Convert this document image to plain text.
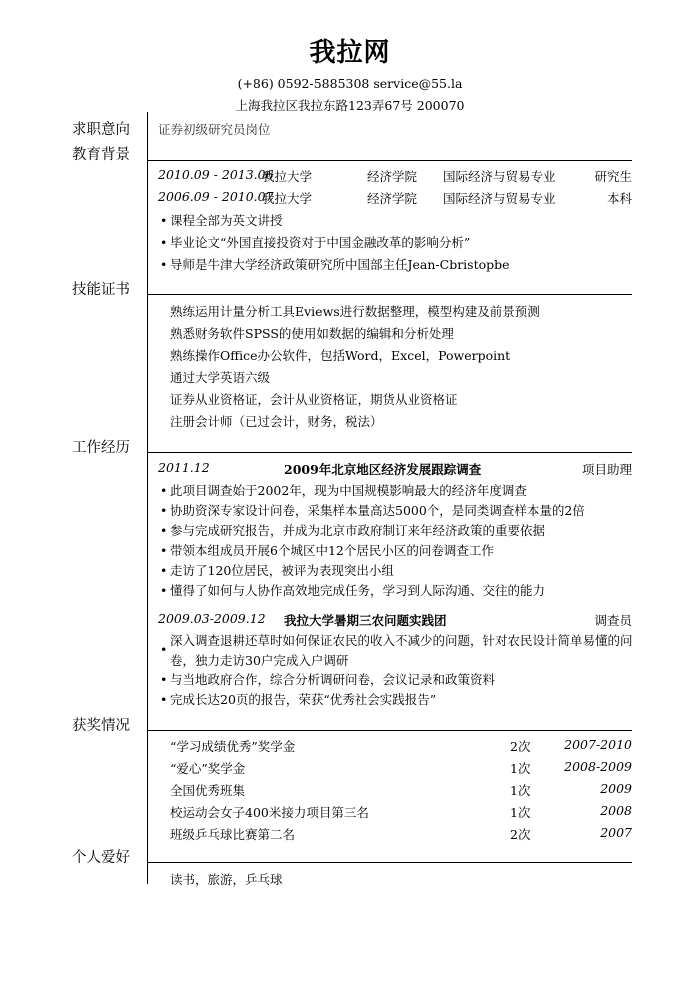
我拉网
(+86) 0592-5885308 service@55.la
上海我拉区我拉东路123弄67号 200070
求职意向 证券初级研究员岗位
教育背景
2010.09 - 2013.06
我拉大学	经济学院 国际经济与贸易专业	研究生
2006.09 - 2010.07
我拉大学	经济学院 国际经济与贸易专业	本科
• 课程全部为英文讲授
• 毕业论文“外国直接投资对于中国金融改革的影响分析”
• 导师是牛津大学经济政策研究所中国部主任Jean-Cbristopbe
技能证书
熟练运用计量分析工具Eviews进行数据整理，模型构建及前景预测
熟悉财务软件SPSS的使用如数据的编辑和分析处理
熟练操作Office办公软件，包括Word，Excel，Powerpoint
通过大学英语六级
证券从业资格证，会计从业资格证，期货从业资格证
注册会计师（已过会计，财务，税法）
工作经历
2011.12	2009年北京地区经济发展跟踪调查	项目助理
• 此项目调查始于2002年，现为中国规模影响最大的经济年度调查
• 协助资深专家设计问卷，采集样本量高达5000个，是同类调查样本量的2倍
• 参与完成研究报告，并成为北京市政府制订来年经济政策的重要依据
• 带领本组成员开展6个城区中12个居民小区的问卷调查工作
• 走访了120位居民，被评为表现突出小组
• 懂得了如何与人协作高效地完成任务，学习到人际沟通、交往的能力
2009.03-2009.12 我拉大学暑期三农问题实践团	调查员
深入调查退耕还草时如何保证农民的收入不减少的问题，针对农民设计简单易懂的问
•
卷，独力走访30户完成入户调研
• 与当地政府合作，综合分析调研问卷，会议记录和政策资料
• 完成长达20页的报告，荣获“优秀社会实践报告”
获奖情况
“学习成绩优秀”奖学金	2次	2007-2010
“爱心”奖学金	1次	2008-2009
全国优秀班集	1次	2009
校运动会女子400米接力项目第三名	1次	2008
班级乒乓球比赛第二名	2次	2007
个人爱好
读书，旅游，乒乓球
